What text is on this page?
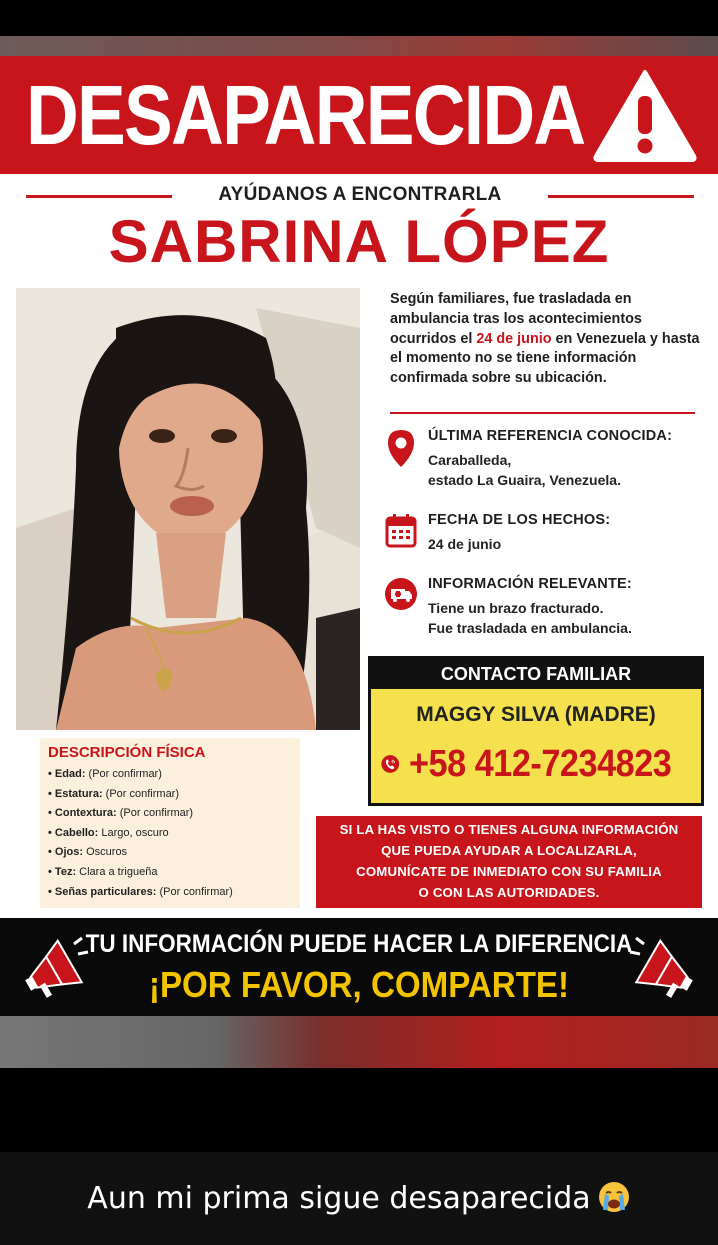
DESAPARECIDA
AYÚDANOS A ENCONTRARLA
SABRINA LÓPEZ
Según familiares, fue trasladada en ambulancia tras los acontecimientos ocurridos el 24 de junio en Venezuela y hasta el momento no se tiene información confirmada sobre su ubicación.
ÚLTIMA REFERENCIA CONOCIDA:
Caraballeda,
estado La Guaira, Venezuela.
FECHA DE LOS HECHOS:
24 de junio
INFORMACIÓN RELEVANTE:
Tiene un brazo fracturado.
Fue trasladada en ambulancia.
CONTACTO FAMILIAR
MAGGY SILVA (MADRE)
+58 412-7234823
DESCRIPCIÓN FÍSICA
• Edad: (Por confirmar)
• Estatura: (Por confirmar)
• Contextura: (Por confirmar)
• Cabello: Largo, oscuro
• Ojos: Oscuros
• Tez: Clara a trigueña
• Señas particulares: (Por confirmar)
SI LA HAS VISTO O TIENES ALGUNA INFORMACIÓN
QUE PUEDA AYUDAR A LOCALIZARLA,
COMUNÍCATE DE INMEDIATO CON SU FAMILIA
O CON LAS AUTORIDADES.
TU INFORMACIÓN PUEDE HACER LA DIFERENCIA
¡POR FAVOR, COMPARTE!
Aun mi prima sigue desaparecida
